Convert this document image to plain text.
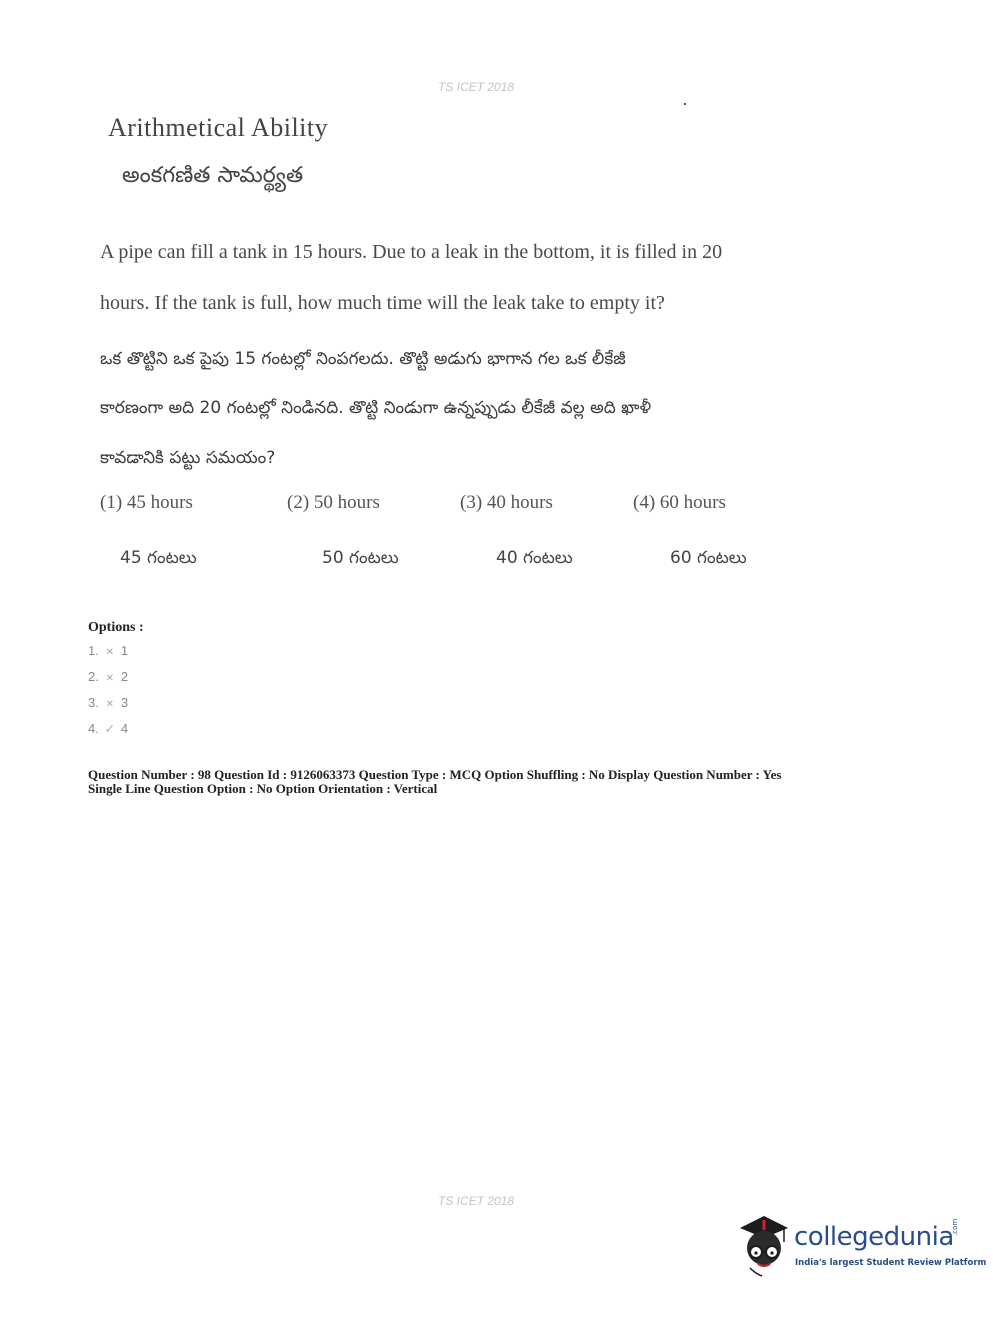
TS ICET 2018
Arithmetical Ability
అంకగణిత సామర్థ్యత
A pipe can fill a tank in 15 hours. Due to a leak in the bottom, it is filled in 20
hours. If the tank is full, how much time will the leak take to empty it?
ఒక తొట్టిని ఒక పైపు 15 గంటల్లో నింపగలదు. తొట్టి అడుగు భాగాన గల ఒక లీకేజీ
కారణంగా అది 20 గంటల్లో నిండినది. తొట్టి నిండుగా ఉన్నప్పుడు లీకేజీ వల్ల అది ఖాళీ
కావడానికి పట్టు సమయం?
(1) 45 hours	(2) 50 hours	(3) 40 hours	(4) 60 hours
45 గంటలు	50 గంటలు	40 గంటలు	60 గంటలు
Options :
1. ✕ 1
2. ✕ 2
3. ✕ 3
4. ✓ 4
Question Number : 98 Question Id : 9126063373 Question Type : MCQ Option Shuffling : No Display Question Number : Yes
Single Line Question Option : No Option Orientation : Vertical
TS ICET 2018
collegedunia
.com
India's largest Student Review Platform
